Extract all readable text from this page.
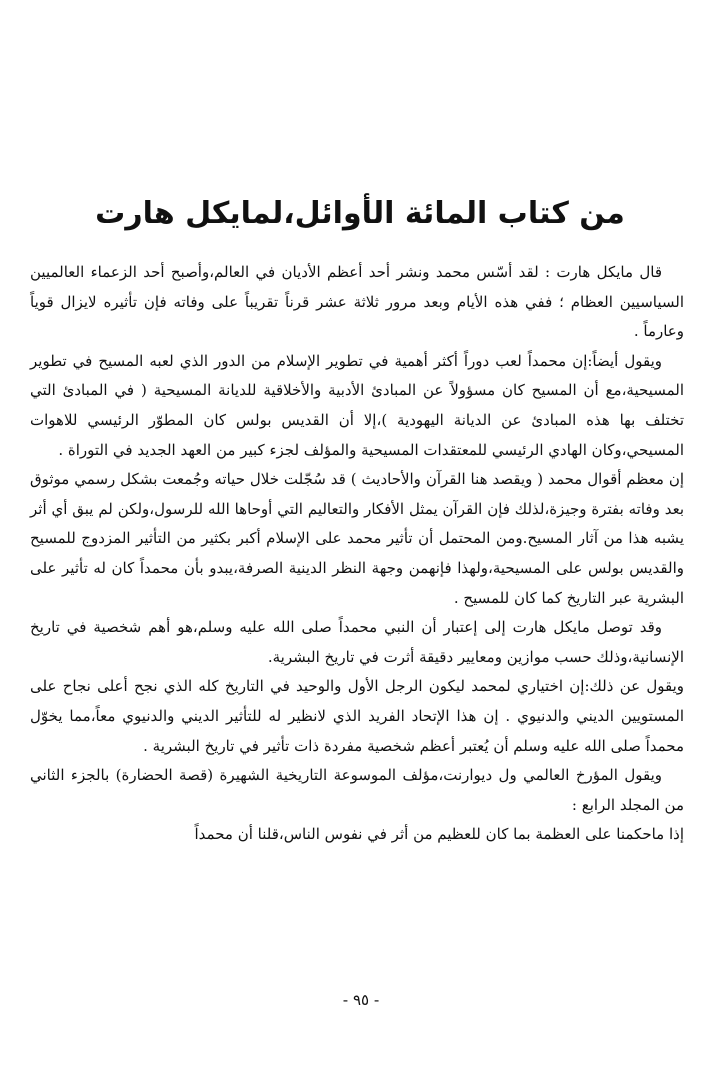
من كتاب المائة الأوائل،لمايكل هارت

قال مايكل هارت : لقد أسّس محمد ونشر أحد أعظم الأديان في العالم،وأصبح أحد الزعماء العالميين السياسيين العظام ؛ ففي هذه الأيام وبعد مرور ثلاثة عشر قرناً تقريباً على وفاته فإن تأثيره لايزال قوياً وعارماً .

ويقول أيضاً:إن محمداً لعب دوراً أكثر أهمية في تطوير الإسلام من الدور الذي لعبه المسيح في تطوير المسيحية،مع أن المسيح كان مسؤولاً عن المبادئ الأدبية والأخلاقية للديانة المسيحية ( في المبادئ التي تختلف بها هذه المبادئ عن الديانة اليهودية )،إلا أن القديس بولس كان المطوّر الرئيسي للاهوات المسيحي،وكان الهادي الرئيسي للمعتقدات المسيحية والمؤلف لجزء كبير من العهد الجديد في التوراة .

إن معظم أقوال محمد ( ويقصد هنا القرآن والأحاديث ) قد سُجّلت خلال حياته وجُمعت بشكل رسمي موثوق بعد وفاته بفترة وجيزة،لذلك فإن القرآن يمثل الأفكار والتعاليم التي أوحاها الله للرسول،ولكن لم يبق أي أثر يشبه هذا من آثار المسيح.ومن المحتمل أن تأثير محمد على الإسلام أكبر بكثير من التأثير المزدوج للمسيح والقديس بولس على المسيحية،ولهذا فإنهمن وجهة النظر الدينية الصرفة،يبدو بأن محمداً كان له تأثير على البشرية عبر التاريخ كما كان للمسيح .

وقد توصل مايكل هارت إلى إعتبار أن النبي محمداً صلى الله عليه وسلم،هو أهم شخصية في تاريخ الإنسانية،وذلك حسب موازين ومعايير دقيقة أثرت في تاريخ البشرية.

ويقول عن ذلك:إن اختياري لمحمد ليكون الرجل الأول والوحيد في التاريخ كله الذي نجح أعلى نجاح على المستويين الديني والدنيوي . إن هذا الإتحاد الفريد الذي لانظير له للتأثير الديني والدنيوي معاً،مما يخوّل محمداً صلى الله عليه وسلم أن يُعتبر أعظم شخصية مفردة ذات تأثير في تاريخ البشرية .

ويقول المؤرخ العالمي ول ديوارنت،مؤلف الموسوعة التاريخية الشهيرة (قصة الحضارة) بالجزء الثاني من المجلد الرابع :

إذا ماحكمنا على العظمة بما كان للعظيم من أثر في نفوس الناس،قلنا أن محمداً

- ٩٥ -
